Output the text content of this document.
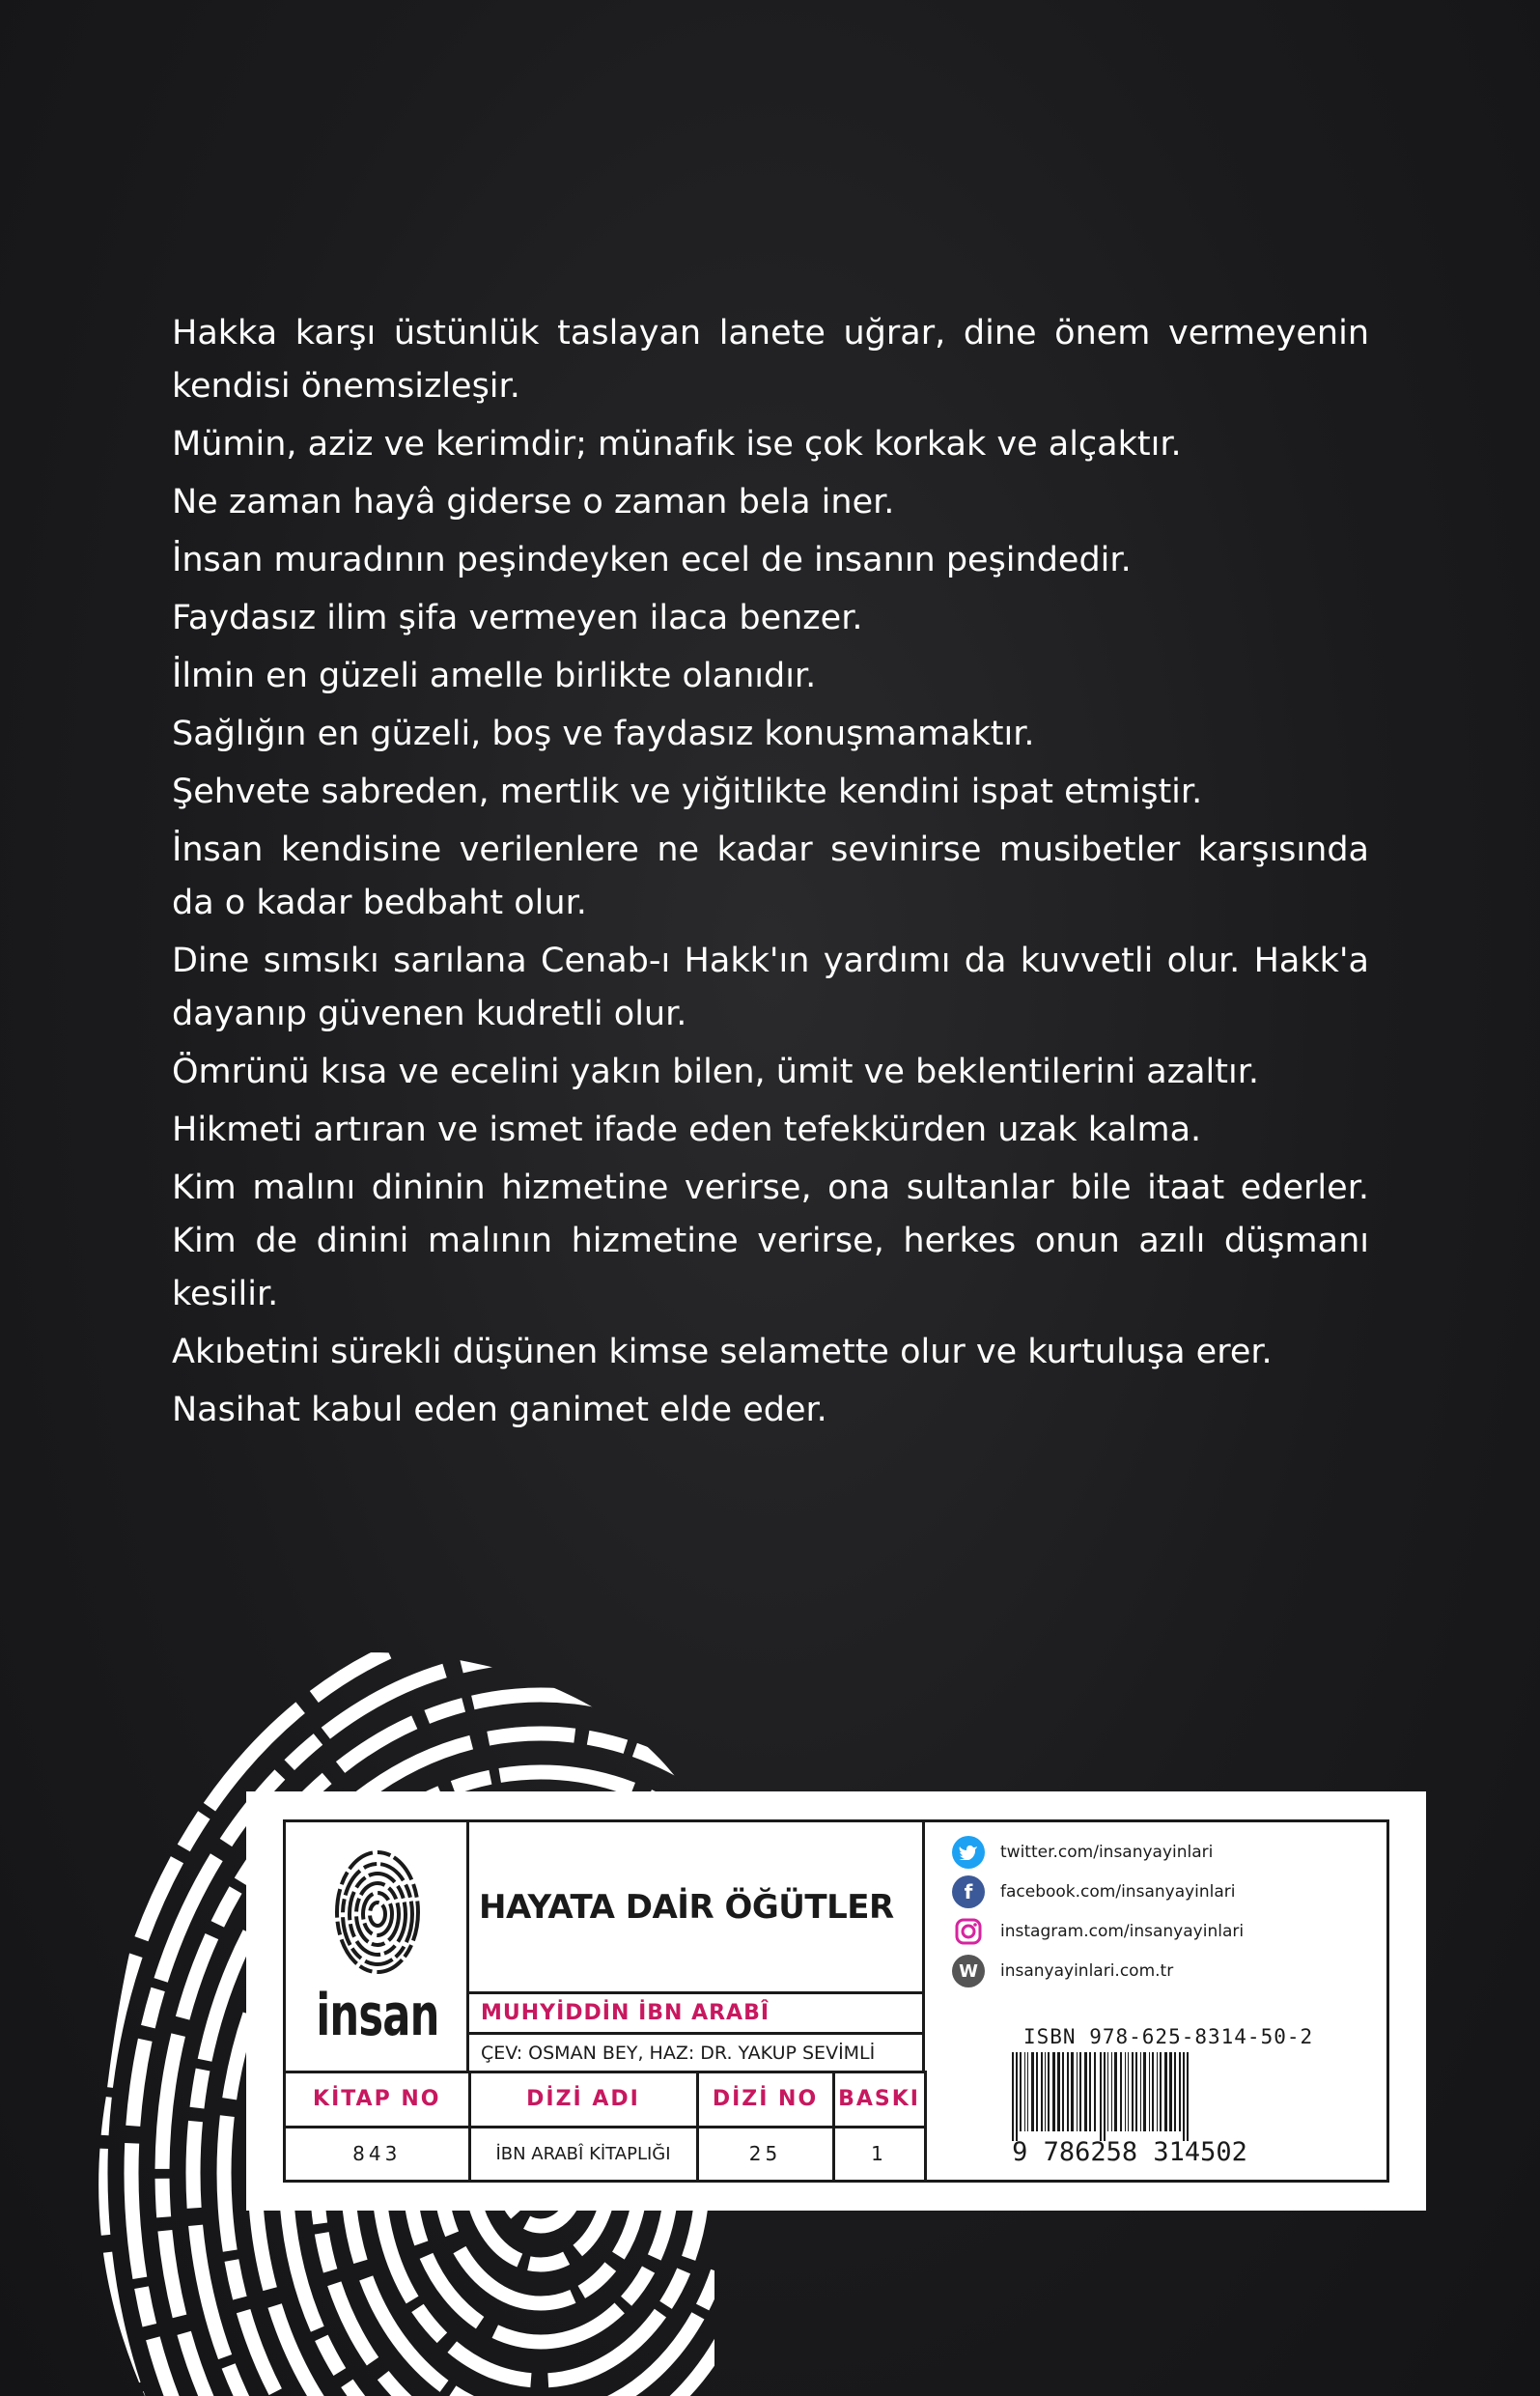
Hakka karşı üstünlük taslayan lanete uğrar, dine önem vermeyenin kendisi önemsizleşir.

Mümin, aziz ve kerimdir; münafık ise çok korkak ve alçaktır.

Ne zaman hayâ giderse o zaman bela iner.

İnsan muradının peşindeyken ecel de insanın peşindedir.

Faydasız ilim şifa vermeyen ilaca benzer.

İlmin en güzeli amelle birlikte olanıdır.

Sağlığın en güzeli, boş ve faydasız konuşmamaktır.

Şehvete sabreden, mertlik ve yiğitlikte kendini ispat etmiştir.

İnsan kendisine verilenlere ne kadar sevinirse musibetler karşısında da o kadar bedbaht olur.

Dine sımsıkı sarılana Cenab-ı Hakk'ın yardımı da kuvvetli olur. Hakk'a dayanıp güvenen kudretli olur.

Ömrünü kısa ve ecelini yakın bilen, ümit ve beklentilerini azaltır.

Hikmeti artıran ve ismet ifade eden tefekkürden uzak kalma.

Kim malını dininin hizmetine verirse, ona sultanlar bile itaat ederler. Kim de dinini malının hizmetine verirse, herkes onun azılı düşmanı kesilir.

Akıbetini sürekli düşünen kimse selamette olur ve kurtuluşa erer.

Nasihat kabul eden ganimet elde eder.

insan
HAYATA DAİR ÖĞÜTLER
MUHYİDDİN İBN ARABÎ
ÇEV: OSMAN BEY, HAZ: DR. YAKUP SEVİMLİ
KİTAP NO	DİZİ ADI	DİZİ NO	BASKI
843	İBN ARABÎ KİTAPLIĞI	25	1
twitter.com/insanyayinlari
f	facebook.com/insanyayinlari
instagram.com/insanyayinlari
W	insanyayinlari.com.tr
ISBN 978-625-8314-50-2
9 786258 314502
